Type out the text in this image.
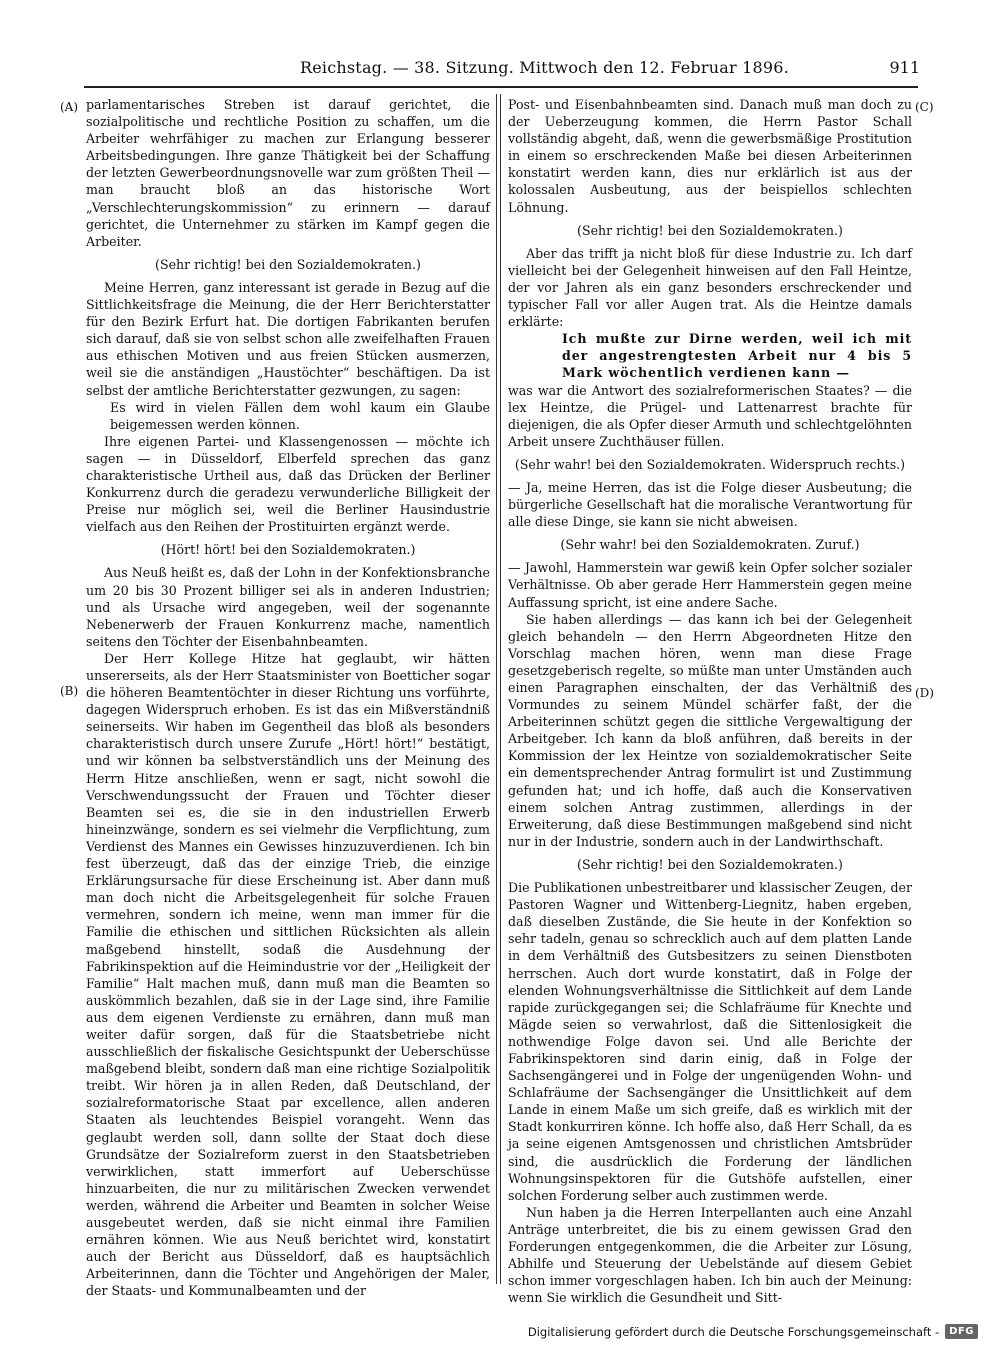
Reichstag. — 38. Sitzung. Mittwoch den 12. Februar 1896.	911
(A)
(B)
(C)
(D)

parlamentarisches Streben ist darauf gerichtet, die sozialpolitische und rechtliche Position zu schaffen, um die Arbeiter wehrfähiger zu machen zur Erlangung besserer Arbeitsbedingungen. Ihre ganze Thätigkeit bei der Schaffung der letzten Gewerbeordnungsnovelle war zum größten Theil — man braucht bloß an das historische Wort „Verschlechterungskommission“ zu erinnern — darauf gerichtet, die Unternehmer zu stärken im Kampf gegen die Arbeiter.

(Sehr richtig! bei den Sozialdemokraten.)

Meine Herren, ganz interessant ist gerade in Bezug auf die Sittlichkeitsfrage die Meinung, die der Herr Berichterstatter für den Bezirk Erfurt hat. Die dortigen Fabrikanten berufen sich darauf, daß sie von selbst schon alle zweifelhaften Frauen aus ethischen Motiven und aus freien Stücken ausmerzen, weil sie die anständigen „Haustöchter“ beschäftigen. Da ist selbst der amtliche Berichterstatter gezwungen, zu sagen:

Es wird in vielen Fällen dem wohl kaum ein Glaube beigemessen werden können.

Ihre eigenen Partei- und Klassengenossen — möchte ich sagen — in Düsseldorf, Elberfeld sprechen das ganz charakteristische Urtheil aus, daß das Drücken der Berliner Konkurrenz durch die geradezu verwunderliche Billigkeit der Preise nur möglich sei, weil die Berliner Hausindustrie vielfach aus den Reihen der Prostituirten ergänzt werde.

(Hört! hört! bei den Sozialdemokraten.)

Aus Neuß heißt es, daß der Lohn in der Konfektionsbranche um 20 bis 30 Prozent billiger sei als in anderen Industrien; und als Ursache wird angegeben, weil der sogenannte Nebenerwerb der Frauen Konkurrenz mache, namentlich seitens den Töchter der Eisenbahnbeamten.

Der Herr Kollege Hitze hat geglaubt, wir hätten unsererseits, als der Herr Staatsminister von Boetticher sogar die höheren Beamtentöchter in dieser Richtung uns vorführte, dagegen Widerspruch erhoben. Es ist das ein Mißverständniß seinerseits. Wir haben im Gegentheil das bloß als besonders charakteristisch durch unsere Zurufe „Hört! hört!“ bestätigt, und wir können ba selbstverständlich uns der Meinung des Herrn Hitze anschließen, wenn er sagt, nicht sowohl die Verschwendungssucht der Frauen und Töchter dieser Beamten sei es, die sie in den industriellen Erwerb hineinzwänge, sondern es sei vielmehr die Verpflichtung, zum Verdienst des Mannes ein Gewisses hinzuzuverdienen. Ich bin fest überzeugt, daß das der einzige Trieb, die einzige Erklärungsursache für diese Erscheinung ist. Aber dann muß man doch nicht die Arbeitsgelegenheit für solche Frauen vermehren, sondern ich meine, wenn man immer für die Familie die ethischen und sittlichen Rücksichten als allein maßgebend hinstellt, sodaß die Ausdehnung der Fabrikinspektion auf die Heimindustrie vor der „Heiligkeit der Familie“ Halt machen muß, dann muß man die Beamten so auskömmlich bezahlen, daß sie in der Lage sind, ihre Familie aus dem eigenen Verdienste zu ernähren, dann muß man weiter dafür sorgen, daß für die Staatsbetriebe nicht ausschließlich der fiskalische Gesichtspunkt der Ueberschüsse maßgebend bleibt, sondern daß man eine richtige Sozialpolitik treibt. Wir hören ja in allen Reden, daß Deutschland, der sozialreformatorische Staat par excellence, allen anderen Staaten als leuchtendes Beispiel vorangeht. Wenn das geglaubt werden soll, dann sollte der Staat doch diese Grundsätze der Sozialreform zuerst in den Staatsbetrieben verwirklichen, statt immerfort auf Ueberschüsse hinzuarbeiten, die nur zu militärischen Zwecken verwendet werden, während die Arbeiter und Beamten in solcher Weise ausgebeutet werden, daß sie nicht einmal ihre Familien ernähren können. Wie aus Neuß berichtet wird, konstatirt auch der Bericht aus Düsseldorf, daß es hauptsächlich Arbeiterinnen, dann die Töchter und Angehörigen der Maler, der Staats- und Kommunalbeamten und der

Post- und Eisenbahnbeamten sind. Danach muß man doch zu der Ueberzeugung kommen, die Herrn Pastor Schall vollständig abgeht, daß, wenn die gewerbsmäßige Prostitution in einem so erschreckenden Maße bei diesen Arbeiterinnen konstatirt werden kann, dies nur erklärlich ist aus der kolossalen Ausbeutung, aus der beispiellos schlechten Löhnung.

(Sehr richtig! bei den Sozialdemokraten.)

Aber das trifft ja nicht bloß für diese Industrie zu. Ich darf vielleicht bei der Gelegenheit hinweisen auf den Fall Heintze, der vor Jahren als ein ganz besonders erschreckender und typischer Fall vor aller Augen trat. Als die Heintze damals erklärte:

Ich mußte zur Dirne werden, weil ich mit der angestrengtesten Arbeit nur 4 bis 5 Mark wöchentlich verdienen kann —

was war die Antwort des sozialreformerischen Staates? — die lex Heintze, die Prügel- und Lattenarrest brachte für diejenigen, die als Opfer dieser Armuth und schlechtgelöhnten Arbeit unsere Zuchthäuser füllen.

(Sehr wahr! bei den Sozialdemokraten. Widerspruch rechts.)

— Ja, meine Herren, das ist die Folge dieser Ausbeutung; die bürgerliche Gesellschaft hat die moralische Verantwortung für alle diese Dinge, sie kann sie nicht abweisen.

(Sehr wahr! bei den Sozialdemokraten. Zuruf.)

— Jawohl, Hammerstein war gewiß kein Opfer solcher sozialer Verhältnisse. Ob aber gerade Herr Hammerstein gegen meine Auffassung spricht, ist eine andere Sache.

Sie haben allerdings — das kann ich bei der Gelegenheit gleich behandeln — den Herrn Abgeordneten Hitze den Vorschlag machen hören, wenn man diese Frage gesetzgeberisch regelte, so müßte man unter Umständen auch einen Paragraphen einschalten, der das Verhältniß des Vormundes zu seinem Mündel schärfer faßt, der die Arbeiterinnen schützt gegen die sittliche Vergewaltigung der Arbeitgeber. Ich kann da bloß anführen, daß bereits in der Kommission der lex Heintze von sozialdemokratischer Seite ein dementsprechender Antrag formulirt ist und Zustimmung gefunden hat; und ich hoffe, daß auch die Konservativen einem solchen Antrag zustimmen, allerdings in der Erweiterung, daß diese Bestimmungen maßgebend sind nicht nur in der Industrie, sondern auch in der Landwirthschaft.

(Sehr richtig! bei den Sozialdemokraten.)

Die Publikationen unbestreitbarer und klassischer Zeugen, der Pastoren Wagner und Wittenberg-Liegnitz, haben ergeben, daß dieselben Zustände, die Sie heute in der Konfektion so sehr tadeln, genau so schrecklich auch auf dem platten Lande in dem Verhältniß des Gutsbesitzers zu seinen Dienstboten herrschen. Auch dort wurde konstatirt, daß in Folge der elenden Wohnungsverhältnisse die Sittlichkeit auf dem Lande rapide zurückgegangen sei; die Schlafräume für Knechte und Mägde seien so verwahrlost, daß die Sittenlosigkeit die nothwendige Folge davon sei. Und alle Berichte der Fabrikinspektoren sind darin einig, daß in Folge der Sachsengängerei und in Folge der ungenügenden Wohn- und Schlafräume der Sachsengänger die Unsittlichkeit auf dem Lande in einem Maße um sich greife, daß es wirklich mit der Stadt konkurriren könne. Ich hoffe also, daß Herr Schall, da es ja seine eigenen Amtsgenossen und christlichen Amtsbrüder sind, die ausdrücklich die Forderung der ländlichen Wohnungsinspektoren für die Gutshöfe aufstellen, einer solchen Forderung selber auch zustimmen werde.

Nun haben ja die Herren Interpellanten auch eine Anzahl Anträge unterbreitet, die bis zu einem gewissen Grad den Forderungen entgegenkommen, die die Arbeiter zur Lösung, Abhilfe und Steuerung der Uebelstände auf diesem Gebiet schon immer vorgeschlagen haben. Ich bin auch der Meinung: wenn Sie wirklich die Gesundheit und Sitt-

Digitalisierung gefördert durch die Deutsche Forschungsgemeinschaft -	DFG
